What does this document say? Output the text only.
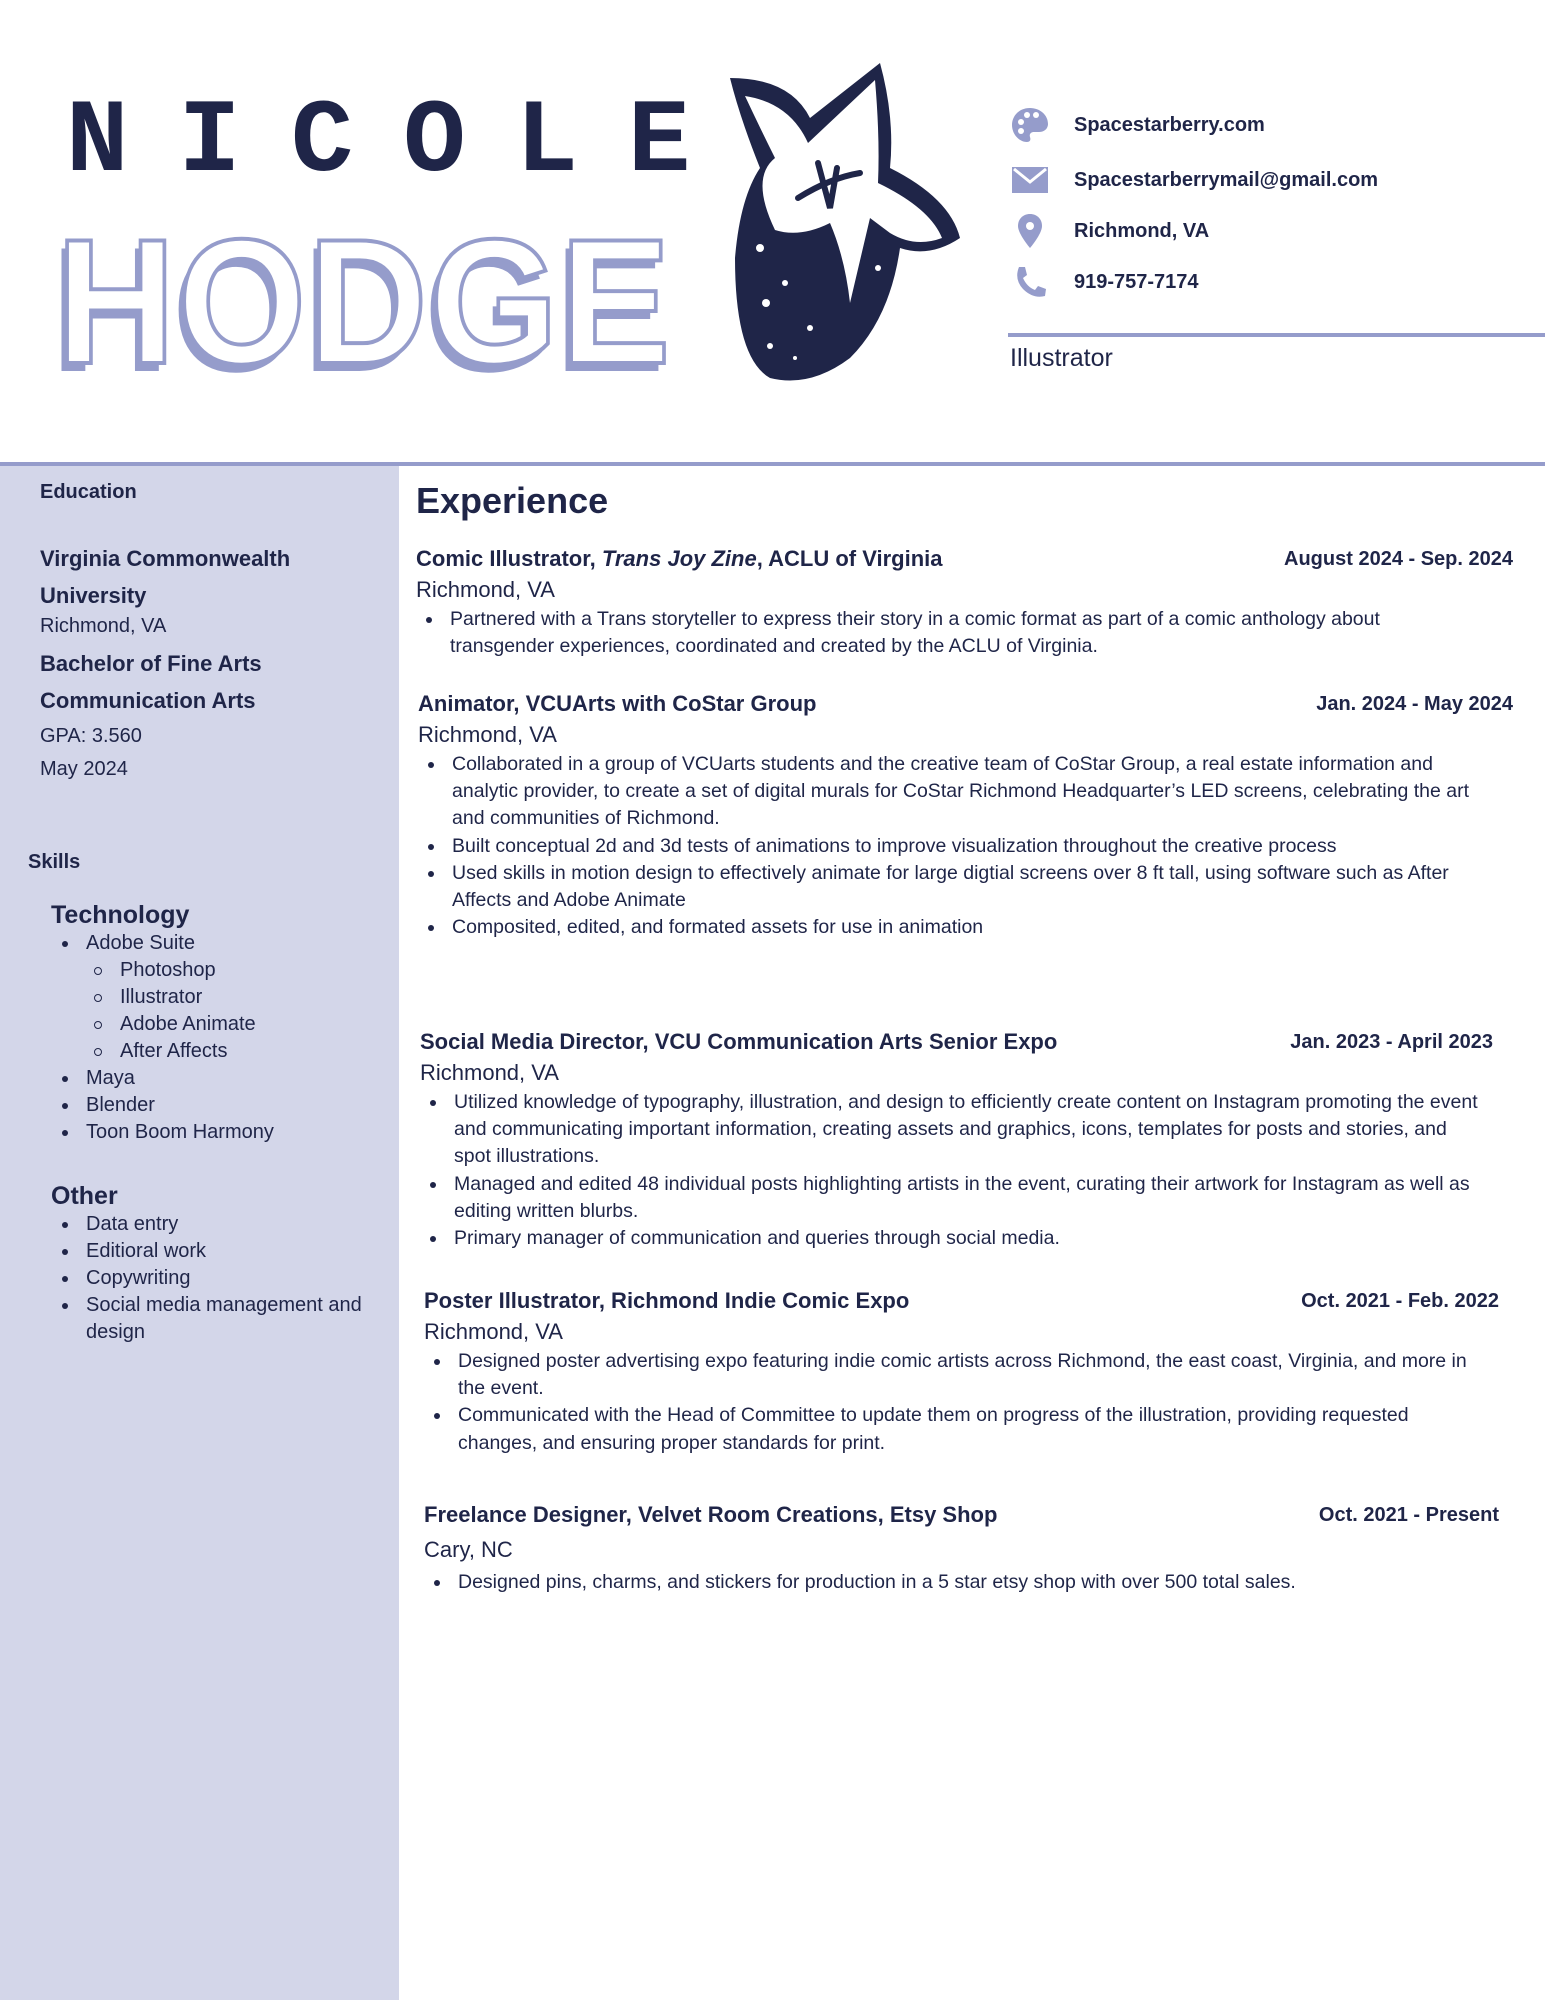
NICOLE
HODGE
Spacestarberry.com
Spacestarberrymail@gmail.com
Richmond, VA
919-757-7174
Illustrator
Education
Virginia Commonwealth
University
Richmond, VA
Bachelor of Fine Arts
Communication Arts
GPA: 3.560
May 2024
Skills
Technology
Adobe Suite
Photoshop
Illustrator
Adobe Animate
After Affects
Maya
Blender
Toon Boom Harmony
Other
Data entry
Editioral work
Copywriting
Social media management and design
Experience
Comic Illustrator, Trans Joy Zine, ACLU of Virginia	August 2024 - Sep. 2024
Richmond, VA
Partnered with a Trans storyteller to express their story in a comic format as part of a comic anthology about transgender experiences, coordinated and created by the ACLU of Virginia.
Animator, VCUArts with CoStar Group	Jan. 2024 - May 2024
Richmond, VA
Collaborated in a group of VCUarts students and the creative team of CoStar Group, a real estate information and analytic provider, to create a set of digital murals for CoStar Richmond Headquarter’s LED screens, celebrating the art and communities of Richmond.
Built conceptual 2d and 3d tests of animations to improve visualization throughout the creative process
Used skills in motion design to effectively animate for large digtial screens over 8 ft tall, using software such as After Affects and Adobe Animate
Composited, edited, and formated assets for use in animation
Social Media Director, VCU Communication Arts Senior Expo	Jan. 2023 - April 2023
Richmond, VA
Utilized knowledge of typography, illustration, and design to efficiently create content on Instagram promoting the event and communicating important information, creating assets and graphics, icons, templates for posts and stories, and spot illustrations.
Managed and edited 48 individual posts highlighting artists in the event, curating their artwork for Instagram as well as editing written blurbs.
Primary manager of communication and queries through social media.
Poster Illustrator, Richmond Indie Comic Expo	Oct. 2021 - Feb. 2022
Richmond, VA
Designed poster advertising expo featuring indie comic artists across Richmond, the east coast, Virginia, and more in the event.
Communicated with the Head of Committee to update them on progress of the illustration, providing requested changes, and ensuring proper standards for print.
Freelance Designer, Velvet Room Creations, Etsy Shop	Oct. 2021 - Present
Cary, NC
Designed pins, charms, and stickers for production in a 5 star etsy shop with over 500 total sales.
